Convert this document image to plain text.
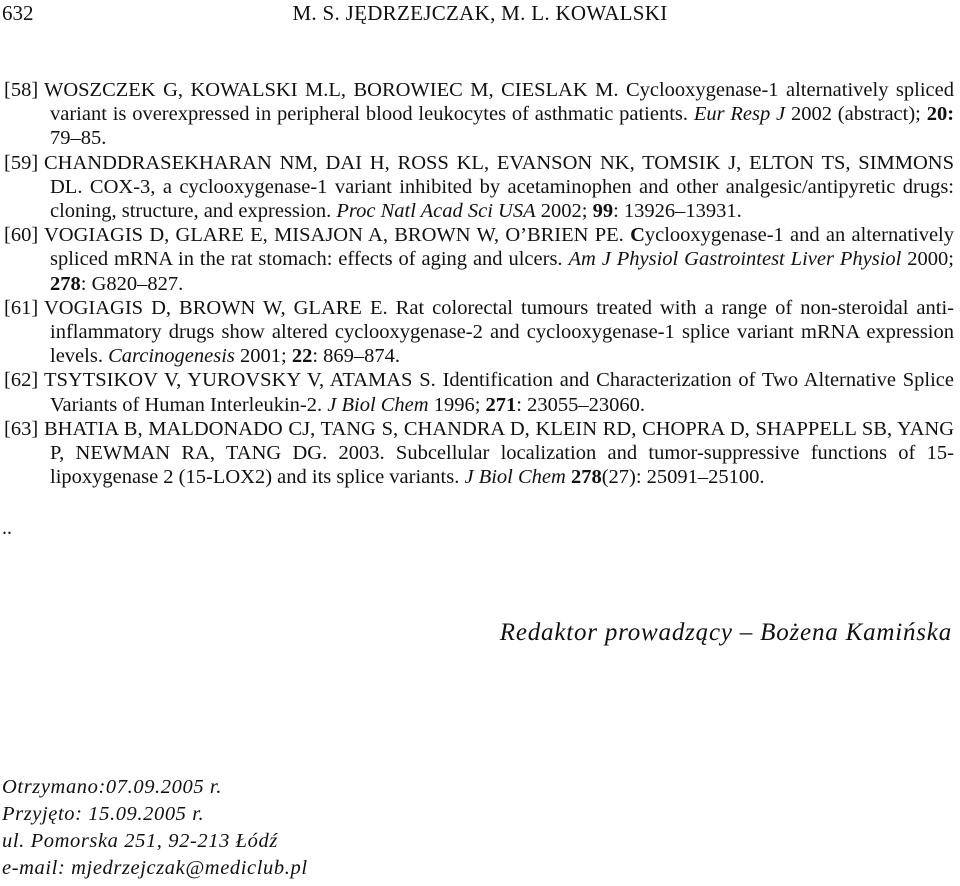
632	M. S. JĘDRZEJCZAK, M. L. KOWALSKI

[58] WOSZCZEK G, KOWALSKI M.L, BOROWIEC M, CIESLAK M. Cyclooxygenase-1 alternatively spliced variant is overexpressed in peripheral blood leukocytes of asthmatic patients. Eur Resp J 2002 (abstract); 20: 79–85.

[59] CHANDDRASEKHARAN NM, DAI H, ROSS KL, EVANSON NK, TOMSIK J, ELTON TS, SIMMONS DL. COX-3, a cyclooxygenase-1 variant inhibited by acetaminophen and other analgesic/antipyretic drugs: cloning, structure, and expression. Proc Natl Acad Sci USA 2002; 99: 13926–13931.

[60] VOGIAGIS D, GLARE E, MISAJON A, BROWN W, O’BRIEN PE. Cyclooxygenase-1 and an alternatively spliced mRNA in the rat stomach: effects of aging and ulcers. Am J Physiol Gastrointest Liver Physiol 2000; 278: G820–827.

[61] VOGIAGIS D, BROWN W, GLARE E. Rat colorectal tumours treated with a range of non-steroidal anti-inflammatory drugs show altered cyclooxygenase-2 and cyclooxygenase-1 splice variant mRNA expression levels. Carcinogenesis 2001; 22: 869–874.

[62] TSYTSIKOV V, YUROVSKY V, ATAMAS S. Identification and Characterization of Two Alternative Splice Variants of Human Interleukin-2. J Biol Chem 1996; 271: 23055–23060.

[63] BHATIA B, MALDONADO CJ, TANG S, CHANDRA D, KLEIN RD, CHOPRA D, SHAPPELL SB, YANG P, NEWMAN RA, TANG DG. 2003. Subcellular localization and tumor-suppressive functions of 15-lipoxygenase 2 (15-LOX2) and its splice variants. J Biol Chem 278(27): 25091–25100.

..
Redaktor prowadzący – Bożena Kamińska
Otrzymano:07.09.2005 r.
Przyjęto: 15.09.2005 r.
ul. Pomorska 251, 92-213 Łódź
e-mail: mjedrzejczak@mediclub.pl
